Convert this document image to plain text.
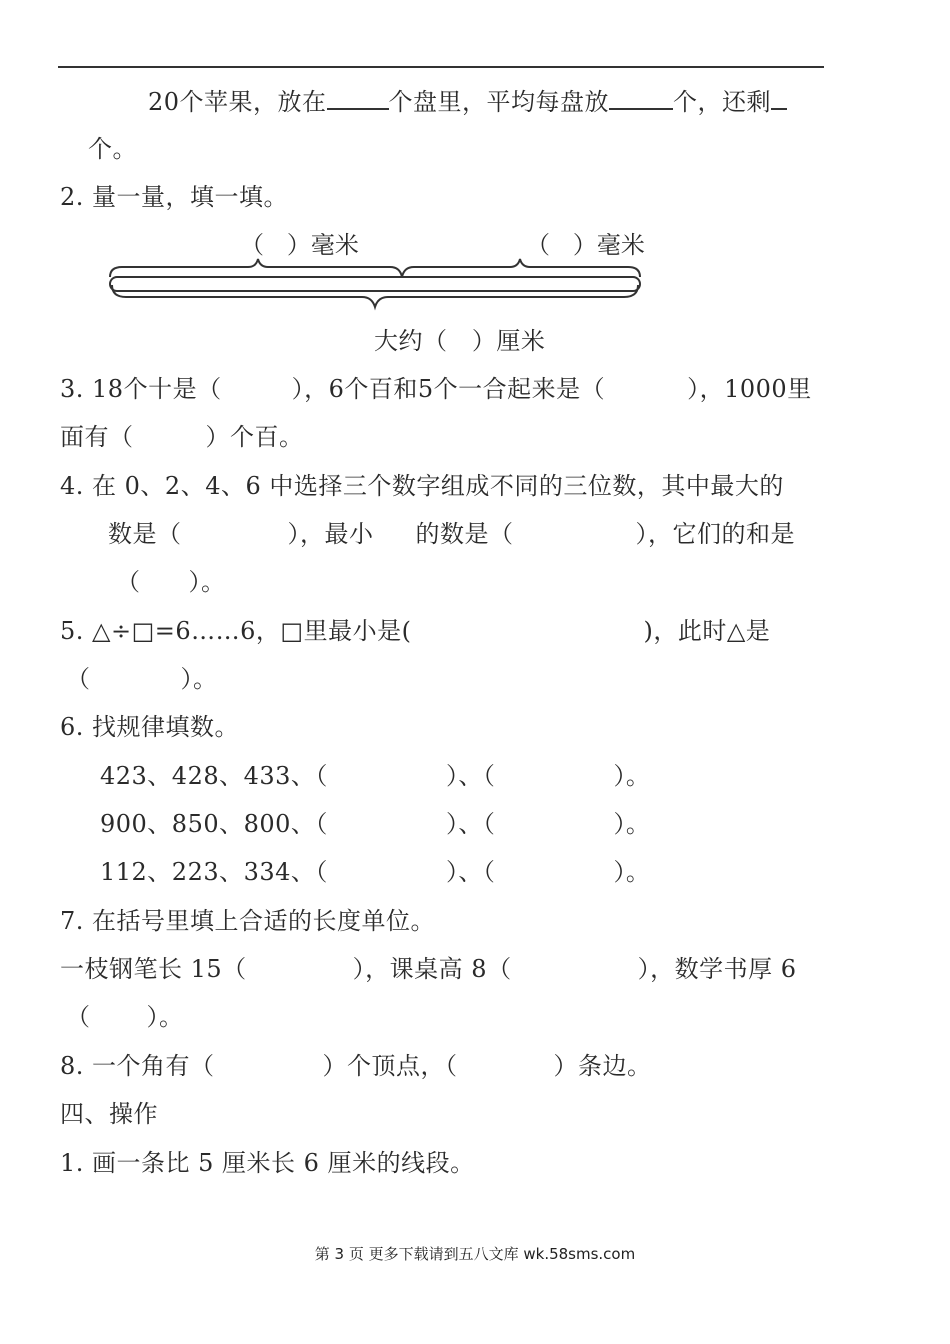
20个苹果，放在	个盘里，平均每盘放	个，还剩
个。
2. 量一量，填一填。
（   ）毫米	（   ）毫米
大约（   ）厘米
3. 18个十是（	），6个百和5个一合起来是（	），1000里
面有（	）个百。
4. 在 0、2、4、6 中选择三个数字组成不同的三位数，其中最大的
数是（	），最小 的数是（	），它们的和是
（ ）。
5. △÷□=6……6，□里最小是(	)，此时△是
（	）。
6. 找规律填数。
423、428、433、（	）、（	）。
900、850、800、（	）、（	）。
112、223、334、（	）、（	）。
7. 在括号里填上合适的长度单位。
一枝钢笔长 15（	），课桌高 8（	），数学书厚 6
（ ）。
8. 一个角有（	）个顶点，（	）条边。
四、操作
1. 画一条比 5 厘米长 6 厘米的线段。
第 3 页 更多下载请到五八文库 wk.58sms.com
